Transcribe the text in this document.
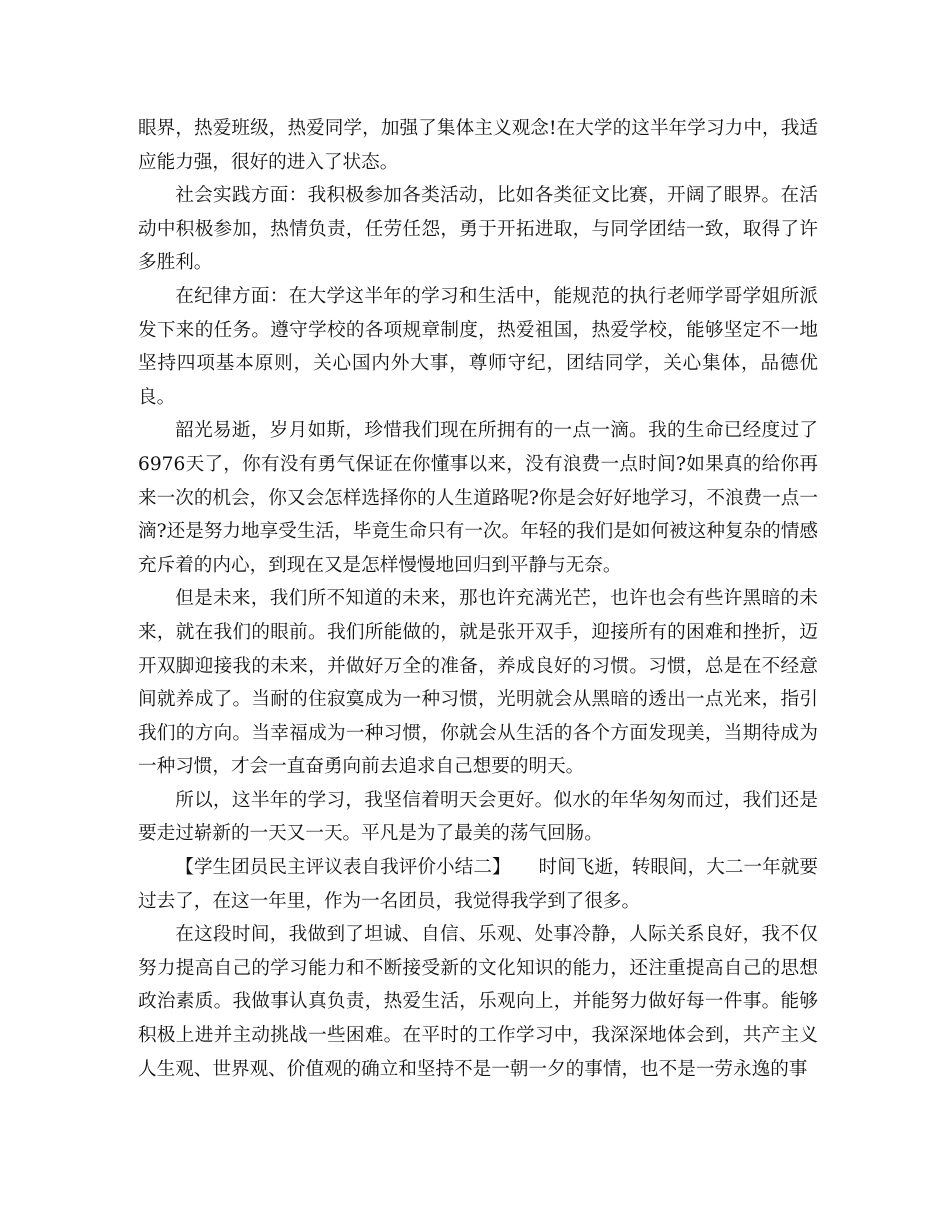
眼界，热爱班级，热爱同学，加强了集体主义观念!在大学的这半年学习力中，我适应能力强，很好的进入了状态。

社会实践方面：我积极参加各类活动，比如各类征文比赛，开阔了眼界。在活动中积极参加，热情负责，任劳任怨，勇于开拓进取，与同学团结一致，取得了许多胜利。

在纪律方面：在大学这半年的学习和生活中，能规范的执行老师学哥学姐所派发下来的任务。遵守学校的各项规章制度，热爱祖国，热爱学校，能够坚定不一地坚持四项基本原则，关心国内外大事，尊师守纪，团结同学，关心集体，品德优良。

韶光易逝，岁月如斯，珍惜我们现在所拥有的一点一滴。我的生命已经度过了6976天了，你有没有勇气保证在你懂事以来，没有浪费一点时间?如果真的给你再来一次的机会，你又会怎样选择你的人生道路呢?你是会好好地学习，不浪费一点一滴?还是努力地享受生活，毕竟生命只有一次。年轻的我们是如何被这种复杂的情感充斥着的内心，到现在又是怎样慢慢地回归到平静与无奈。

但是未来，我们所不知道的未来，那也许充满光芒，也许也会有些许黑暗的未来，就在我们的眼前。我们所能做的，就是张开双手，迎接所有的困难和挫折，迈开双脚迎接我的未来，并做好万全的准备，养成良好的习惯。习惯，总是在不经意间就养成了。当耐的住寂寞成为一种习惯，光明就会从黑暗的透出一点光来，指引我们的方向。当幸福成为一种习惯，你就会从生活的各个方面发现美，当期待成为一种习惯，才会一直奋勇向前去追求自己想要的明天。

所以，这半年的学习，我坚信着明天会更好。似水的年华匆匆而过，我们还是要走过崭新的一天又一天。平凡是为了最美的荡气回肠。

【学生团员民主评议表自我评价小结二】　　时间飞逝，转眼间，大二一年就要过去了，在这一年里，作为一名团员，我觉得我学到了很多。

在这段时间，我做到了坦诚、自信、乐观、处事冷静，人际关系良好，我不仅努力提高自己的学习能力和不断接受新的文化知识的能力，还注重提高自己的思想政治素质。我做事认真负责，热爱生活，乐观向上，并能努力做好每一件事。能够积极上进并主动挑战一些困难。在平时的工作学习中，我深深地体会到，共产主义人生观、世界观、价值观的确立和坚持不是一朝一夕的事情，也不是一劳永逸的事
